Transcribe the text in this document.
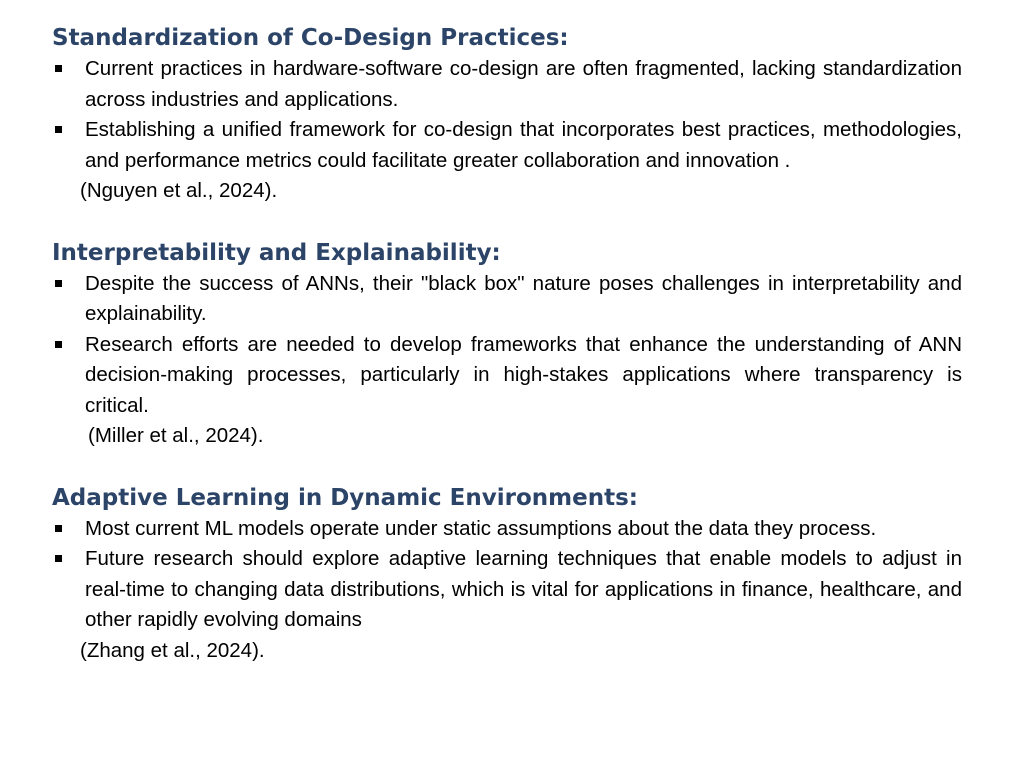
Standardization of Co-Design Practices:
Current practices in hardware-software co-design are often fragmented, lacking standardization across industries and applications.
Establishing a unified framework for co-design that incorporates best practices, methodologies, and performance metrics could facilitate greater collaboration and innovation .

(Nguyen et al., 2024).

Interpretability and Explainability:
Despite the success of ANNs, their "black box" nature poses challenges in interpretability and explainability.
Research efforts are needed to develop frameworks that enhance the understanding of ANN decision-making processes, particularly in high-stakes applications where transparency is critical.

(Miller et al., 2024).

Adaptive Learning in Dynamic Environments:
Most current ML models operate under static assumptions about the data they process.
Future research should explore adaptive learning techniques that enable models to adjust in real-time to changing data distributions, which is vital for applications in finance, healthcare, and other rapidly evolving domains

(Zhang et al., 2024).
